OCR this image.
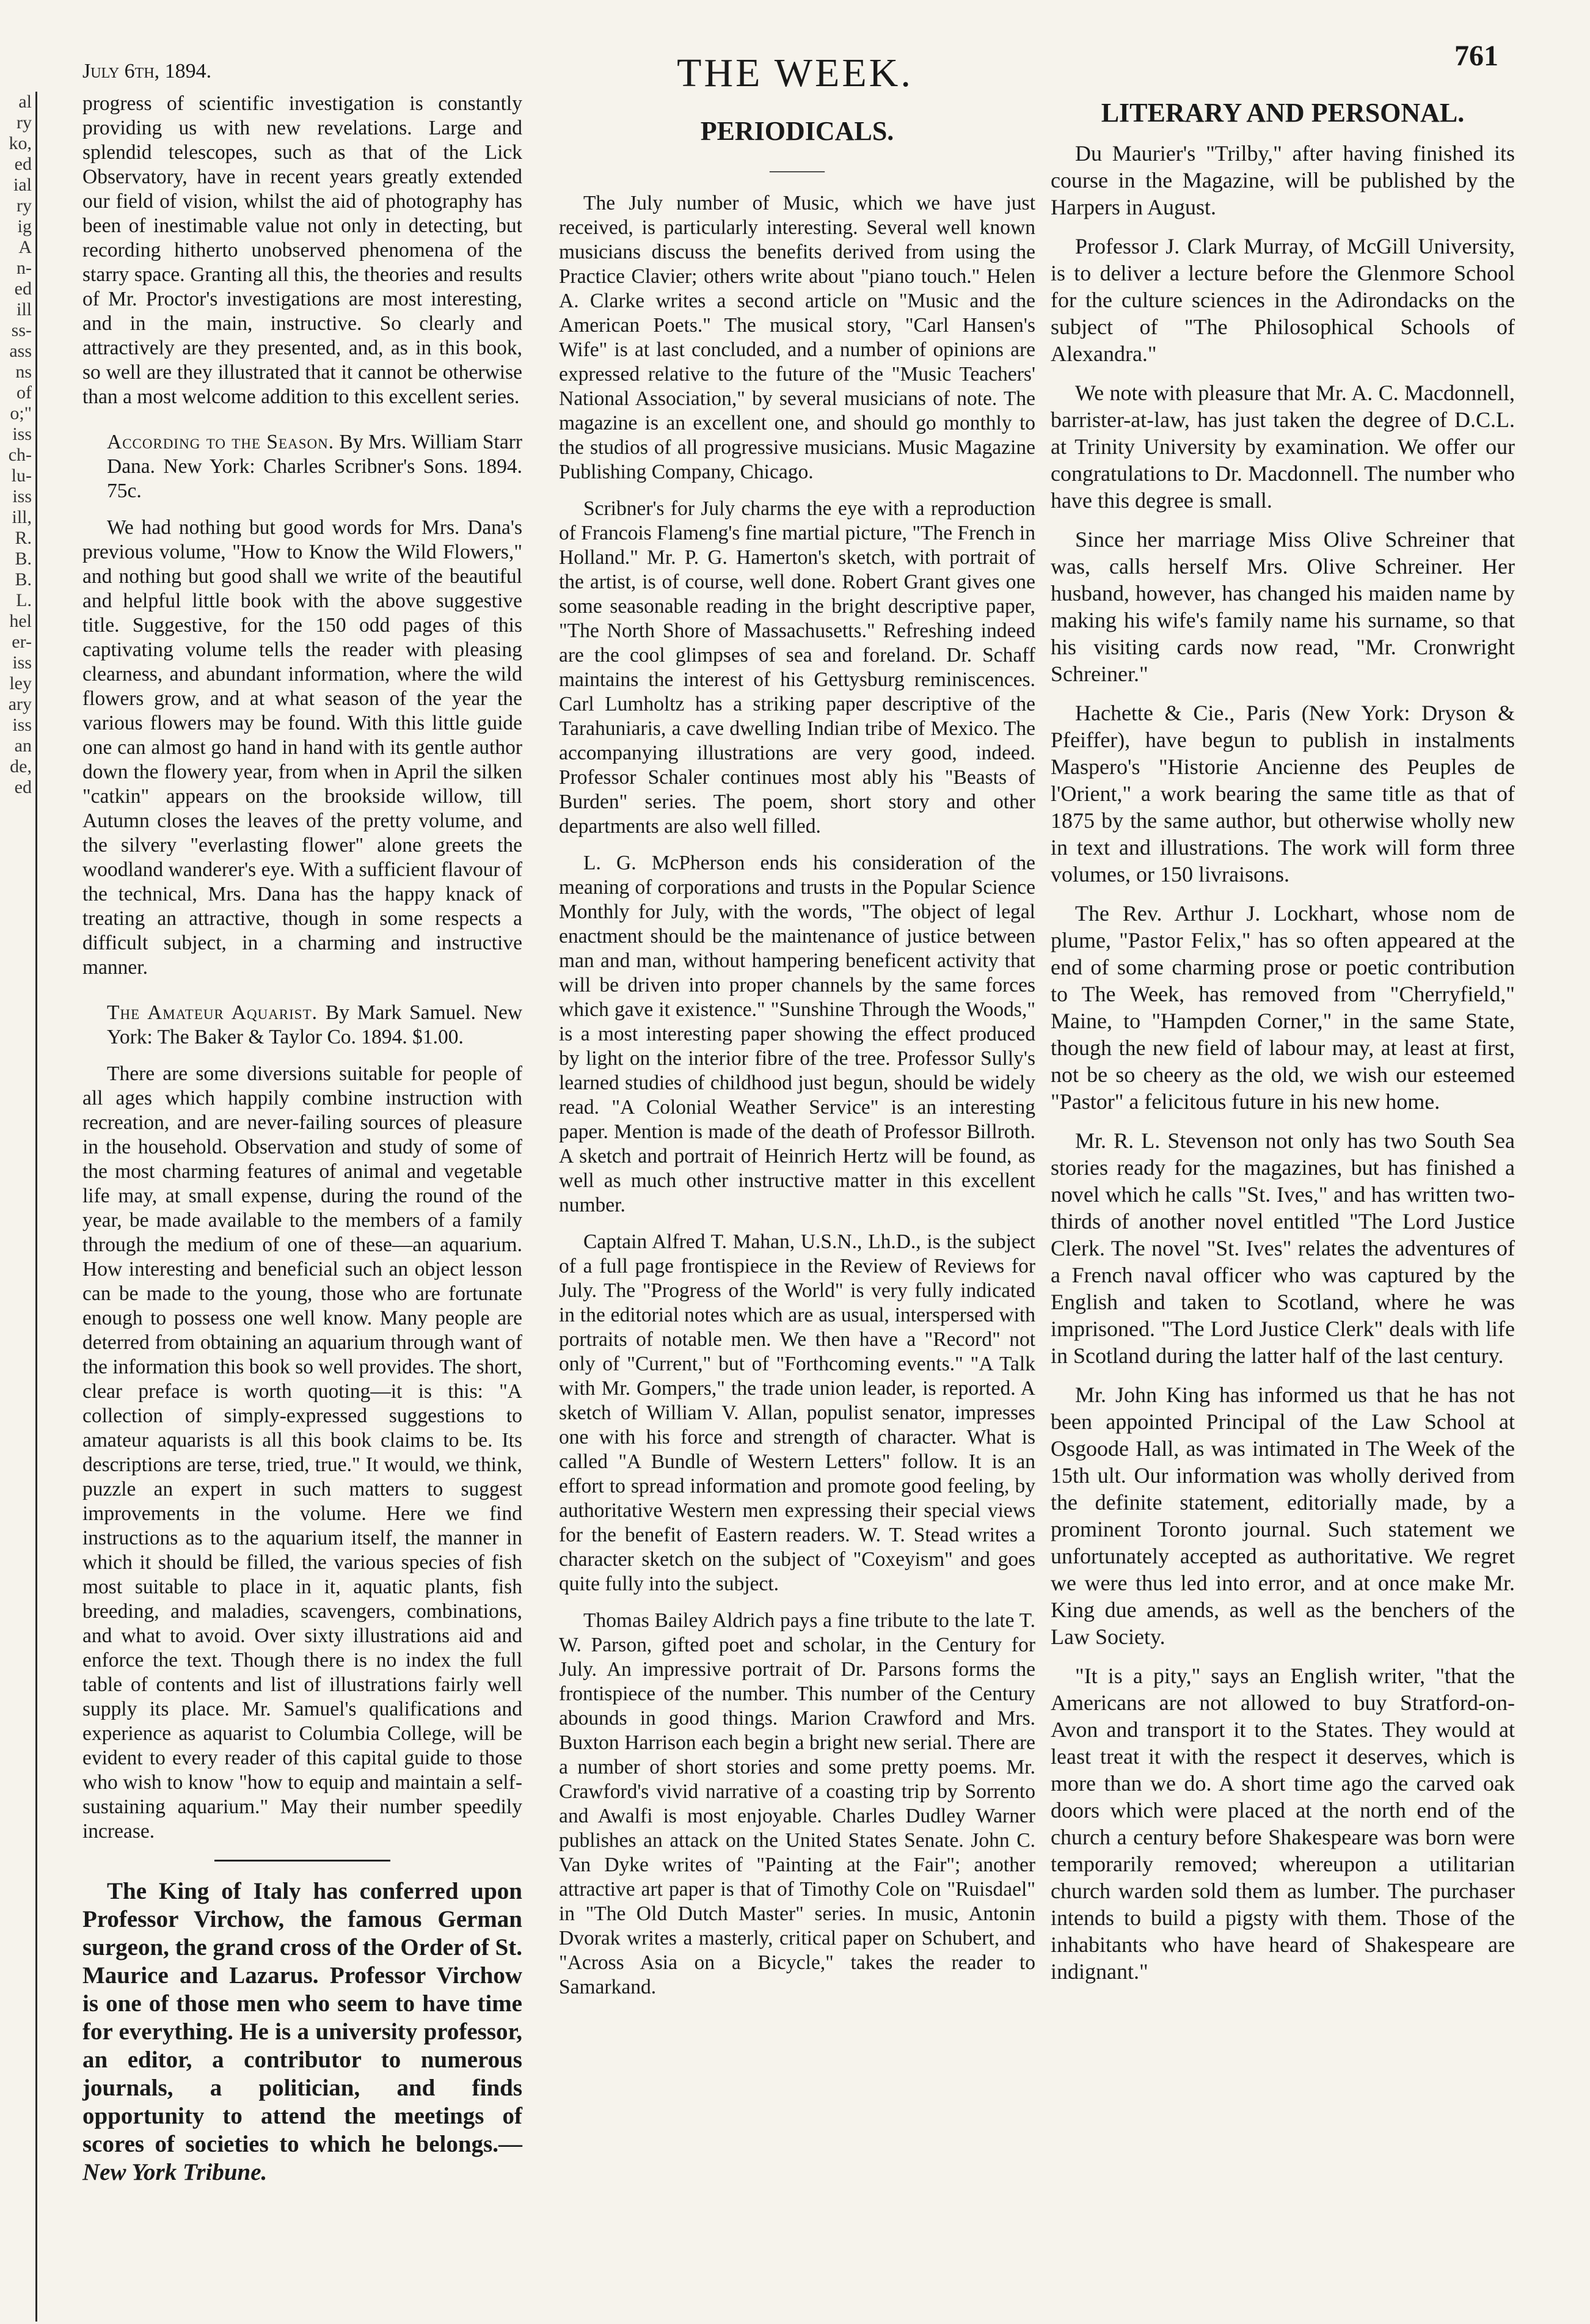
al
ry
ko,
ed
ial
ry
ig
A
n-
ed
ill
ss-
ass
ns
of
o;"
iss
ch-
lu-
iss
ill,
R.
B.
B.
L.
hel
er-
iss
ley
ary
iss
an
de,
ed
July 6th, 1894.	THE WEEK.	761

progress of scientific investigation is constantly providing us with new revelations. Large and splendid telescopes, such as that of the Lick Observatory, have in recent years greatly extended our field of vision, whilst the aid of photography has been of inestimable value not only in detecting, but recording hitherto unobserved phenomena of the starry space. Granting all this, the theories and results of Mr. Proctor's investigations are most interesting, and in the main, instructive. So clearly and attractively are they presented, and, as in this book, so well are they illustrated that it cannot be otherwise than a most welcome addition to this excellent series.

According to the Season. By Mrs. William Starr Dana. New York: Charles Scribner's Sons. 1894. 75c.

We had nothing but good words for Mrs. Dana's previous volume, "How to Know the Wild Flowers," and nothing but good shall we write of the beautiful and helpful little book with the above suggestive title. Suggestive, for the 150 odd pages of this captivating volume tells the reader with pleasing clearness, and abundant information, where the wild flowers grow, and at what season of the year the various flowers may be found. With this little guide one can almost go hand in hand with its gentle author down the flowery year, from when in April the silken "catkin" appears on the brookside willow, till Autumn closes the leaves of the pretty volume, and the silvery "everlasting flower" alone greets the woodland wanderer's eye. With a sufficient flavour of the technical, Mrs. Dana has the happy knack of treating an attractive, though in some respects a difficult subject, in a charming and instructive manner.

The Amateur Aquarist. By Mark Samuel. New York: The Baker & Taylor Co. 1894. $1.00.

There are some diversions suitable for people of all ages which happily combine instruction with recreation, and are never-failing sources of pleasure in the household. Observation and study of some of the most charming features of animal and vegetable life may, at small expense, during the round of the year, be made available to the members of a family through the medium of one of these—an aquarium. How interesting and beneficial such an object lesson can be made to the young, those who are fortunate enough to possess one well know. Many people are deterred from obtaining an aquarium through want of the information this book so well provides. The short, clear preface is worth quoting—it is this: "A collection of simply-expressed suggestions to amateur aquarists is all this book claims to be. Its descriptions are terse, tried, true." It would, we think, puzzle an expert in such matters to suggest improvements in the volume. Here we find instructions as to the aquarium itself, the manner in which it should be filled, the various species of fish most suitable to place in it, aquatic plants, fish breeding, and maladies, scavengers, combinations, and what to avoid. Over sixty illustrations aid and enforce the text. Though there is no index the full table of contents and list of illustrations fairly well supply its place. Mr. Samuel's qualifications and experience as aquarist to Columbia College, will be evident to every reader of this capital guide to those who wish to know "how to equip and maintain a self-sustaining aquarium." May their number speedily increase.

The King of Italy has conferred upon Professor Virchow, the famous German surgeon, the grand cross of the Order of St. Maurice and Lazarus. Professor Virchow is one of those men who seem to have time for everything. He is a university professor, an editor, a contributor to numerous journals, a politician, and finds opportunity to attend the meetings of scores of societies to which he belongs.—New York Tribune.

PERIODICALS.
———

The July number of Music, which we have just received, is particularly interesting. Several well known musicians discuss the benefits derived from using the Practice Clavier; others write about "piano touch." Helen A. Clarke writes a second article on "Music and the American Poets." The musical story, "Carl Hansen's Wife" is at last concluded, and a number of opinions are expressed relative to the future of the "Music Teachers' National Association," by several musicians of note. The magazine is an excellent one, and should go monthly to the studios of all progressive musicians. Music Magazine Publishing Company, Chicago.

Scribner's for July charms the eye with a reproduction of Francois Flameng's fine martial picture, "The French in Holland." Mr. P. G. Hamerton's sketch, with portrait of the artist, is of course, well done. Robert Grant gives one some seasonable reading in the bright descriptive paper, "The North Shore of Massachusetts." Refreshing indeed are the cool glimpses of sea and foreland. Dr. Schaff maintains the interest of his Gettysburg reminiscences. Carl Lumholtz has a striking paper descriptive of the Tarahuniaris, a cave dwelling Indian tribe of Mexico. The accompanying illustrations are very good, indeed. Professor Schaler continues most ably his "Beasts of Burden" series. The poem, short story and other departments are also well filled.

L. G. McPherson ends his consideration of the meaning of corporations and trusts in the Popular Science Monthly for July, with the words, "The object of legal enactment should be the maintenance of justice between man and man, without hampering beneficent activity that will be driven into proper channels by the same forces which gave it existence." "Sunshine Through the Woods," is a most interesting paper showing the effect produced by light on the interior fibre of the tree. Professor Sully's learned studies of childhood just begun, should be widely read. "A Colonial Weather Service" is an interesting paper. Mention is made of the death of Professor Billroth. A sketch and portrait of Heinrich Hertz will be found, as well as much other instructive matter in this excellent number.

Captain Alfred T. Mahan, U.S.N., Lh.D., is the subject of a full page frontispiece in the Review of Reviews for July. The "Progress of the World" is very fully indicated in the editorial notes which are as usual, interspersed with portraits of notable men. We then have a "Record" not only of "Current," but of "Forthcoming events." "A Talk with Mr. Gompers," the trade union leader, is reported. A sketch of William V. Allan, populist senator, impresses one with his force and strength of character. What is called "A Bundle of Western Letters" follow. It is an effort to spread information and promote good feeling, by authoritative Western men expressing their special views for the benefit of Eastern readers. W. T. Stead writes a character sketch on the subject of "Coxeyism" and goes quite fully into the subject.

Thomas Bailey Aldrich pays a fine tribute to the late T. W. Parson, gifted poet and scholar, in the Century for July. An impressive portrait of Dr. Parsons forms the frontispiece of the number. This number of the Century abounds in good things. Marion Crawford and Mrs. Buxton Harrison each begin a bright new serial. There are a number of short stories and some pretty poems. Mr. Crawford's vivid narrative of a coasting trip by Sorrento and Awalfi is most enjoyable. Charles Dudley Warner publishes an attack on the United States Senate. John C. Van Dyke writes of "Painting at the Fair"; another attractive art paper is that of Timothy Cole on "Ruisdael" in "The Old Dutch Master" series. In music, Antonin Dvorak writes a masterly, critical paper on Schubert, and "Across Asia on a Bicycle," takes the reader to Samarkand.

LITERARY AND PERSONAL.

Du Maurier's "Trilby," after having finished its course in the Magazine, will be published by the Harpers in August.

Professor J. Clark Murray, of McGill University, is to deliver a lecture before the Glenmore School for the culture sciences in the Adirondacks on the subject of "The Philosophical Schools of Alexandra."

We note with pleasure that Mr. A. C. Macdonnell, barrister-at-law, has just taken the degree of D.C.L. at Trinity University by examination. We offer our congratulations to Dr. Macdonnell. The number who have this degree is small.

Since her marriage Miss Olive Schreiner that was, calls herself Mrs. Olive Schreiner. Her husband, however, has changed his maiden name by making his wife's family name his surname, so that his visiting cards now read, "Mr. Cronwright Schreiner."

Hachette & Cie., Paris (New York: Dryson & Pfeiffer), have begun to publish in instalments Maspero's "Historie Ancienne des Peuples de l'Orient," a work bearing the same title as that of 1875 by the same author, but otherwise wholly new in text and illustrations. The work will form three volumes, or 150 livraisons.

The Rev. Arthur J. Lockhart, whose nom de plume, "Pastor Felix," has so often appeared at the end of some charming prose or poetic contribution to The Week, has removed from "Cherryfield," Maine, to "Hampden Corner," in the same State, though the new field of labour may, at least at first, not be so cheery as the old, we wish our esteemed "Pastor" a felicitous future in his new home.

Mr. R. L. Stevenson not only has two South Sea stories ready for the magazines, but has finished a novel which he calls "St. Ives," and has written two-thirds of another novel entitled "The Lord Justice Clerk. The novel "St. Ives" relates the adventures of a French naval officer who was captured by the English and taken to Scotland, where he was imprisoned. "The Lord Justice Clerk" deals with life in Scotland during the latter half of the last century.

Mr. John King has informed us that he has not been appointed Principal of the Law School at Osgoode Hall, as was intimated in The Week of the 15th ult. Our information was wholly derived from the definite statement, editorially made, by a prominent Toronto journal. Such statement we unfortunately accepted as authoritative. We regret we were thus led into error, and at once make Mr. King due amends, as well as the benchers of the Law Society.

"It is a pity," says an English writer, "that the Americans are not allowed to buy Stratford-on-Avon and transport it to the States. They would at least treat it with the respect it deserves, which is more than we do. A short time ago the carved oak doors which were placed at the north end of the church a century before Shakespeare was born were temporarily removed; whereupon a utilitarian church warden sold them as lumber. The purchaser intends to build a pigsty with them. Those of the inhabitants who have heard of Shakespeare are indignant."
